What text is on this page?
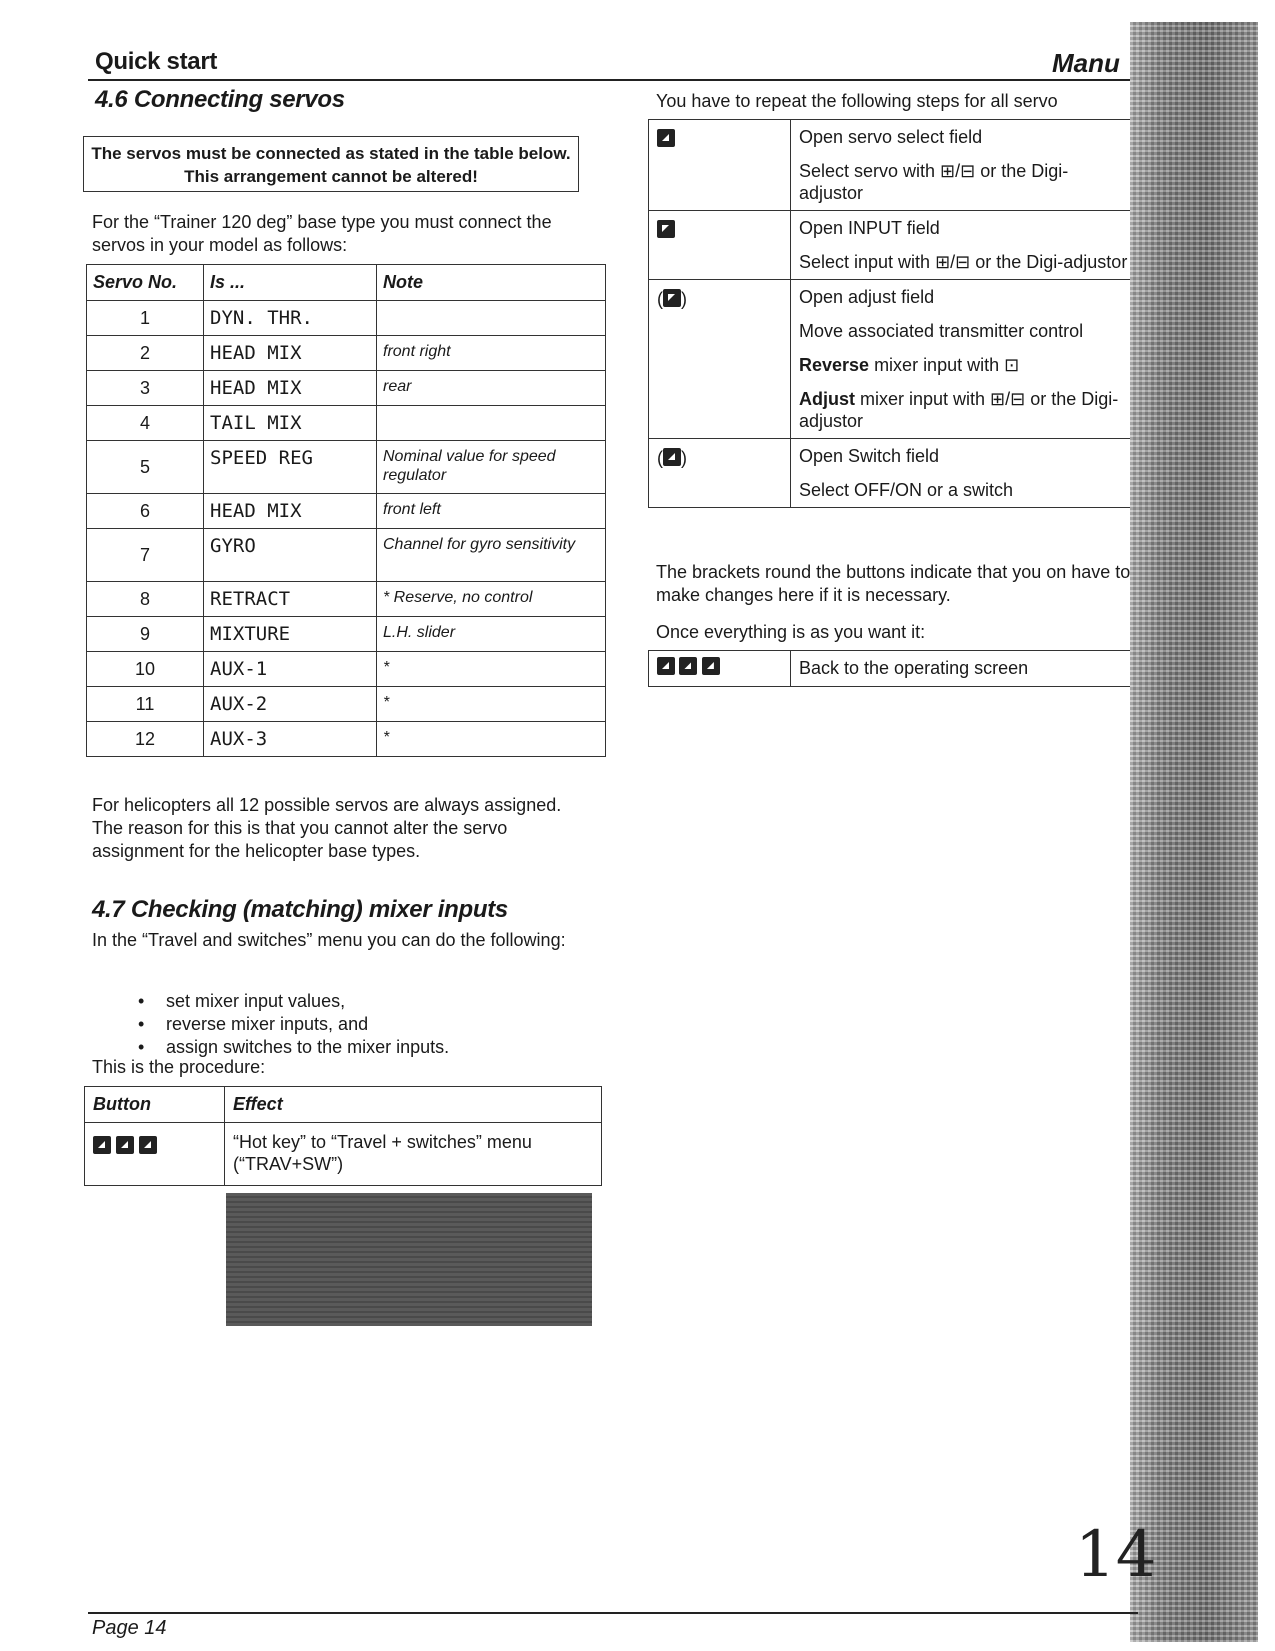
Quick start	Manu
4.6 Connecting servos
The servos must be connected as stated in the table below. This arrangement cannot be altered!
For the “Trainer 120 deg” base type you must connect the servos in your model as follows:
Servo No.	Is ...	Note
1	DYN. THR.	
2	HEAD MIX	front right
3	HEAD MIX	rear
4	TAIL MIX	
5	SPEED REG	Nominal value for speed regulator
6	HEAD MIX	front left
7	GYRO	Channel for gyro sensitivity
8	RETRACT	* Reserve, no control
9	MIXTURE	L.H. slider
10	AUX-1	*
11	AUX-2	*
12	AUX-3	*
For helicopters all 12 possible servos are always assigned. The reason for this is that you cannot alter the servo assignment for the helicopter base types.
4.7 Checking (matching) mixer inputs
In the “Travel and switches” menu you can do the following:
• set mixer input values,
• reverse mixer inputs, and
• assign switches to the mixer inputs.
This is the procedure:
Button	Effect
	“Hot key” to “Travel + switches” menu (“TRAV+SW”)
You have to repeat the following steps for all servo

	Open servo select field
Select servo with ⊞/⊟ or the Digi-adjustor

	Open INPUT field
Select input with ⊞/⊟ or the Digi-adjustor

( )	Open adjust field
Move associated transmitter control
Reverse mixer input with ⊡
Adjust mixer input with ⊞/⊟ or the Digi-adjustor

( )	Open Switch field
Select OFF/ON or a switch
The brackets round the buttons indicate that you on have to make changes here if it is necessary.
Once everything is as you want it:
	Back to the operating screen
14
Page 14
